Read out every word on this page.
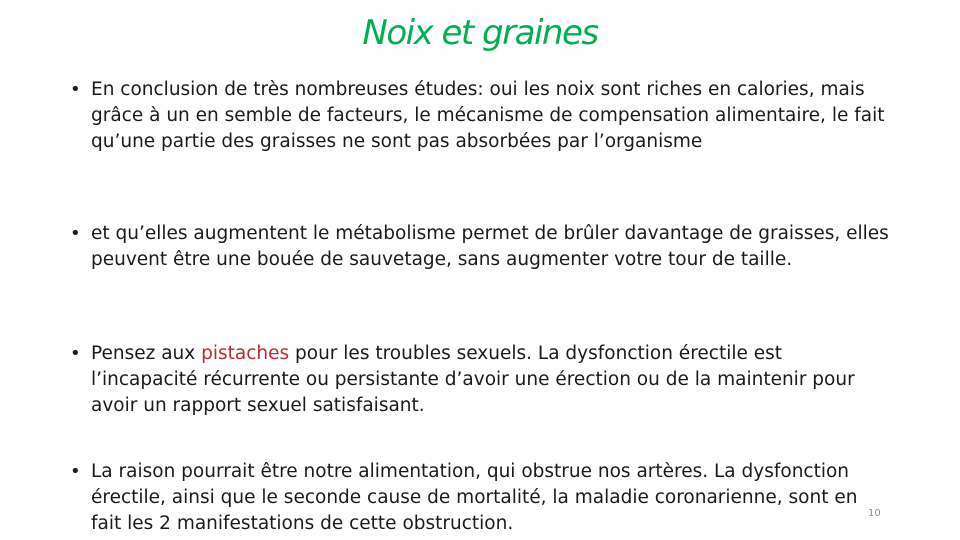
Noix et graines
• En conclusion de très nombreuses études: oui les noix sont riches en calories, mais grâce à un en semble de facteurs, le mécanisme de compensation alimentaire, le fait qu’une partie des graisses ne sont pas absorbées par l’organisme
• et qu’elles augmentent le métabolisme permet de brûler davantage de graisses, elles peuvent être une bouée de sauvetage, sans augmenter votre tour de taille.
• Pensez aux pistaches pour les troubles sexuels. La dysfonction érectile est l’incapacité récurrente ou persistante d’avoir une érection ou de la maintenir pour avoir un rapport sexuel satisfaisant.
• La raison pourrait être notre alimentation, qui obstrue nos artères. La dysfonction érectile, ainsi que le seconde cause de mortalité, la maladie coronarienne, sont en fait les 2 manifestations de cette obstruction.	10
